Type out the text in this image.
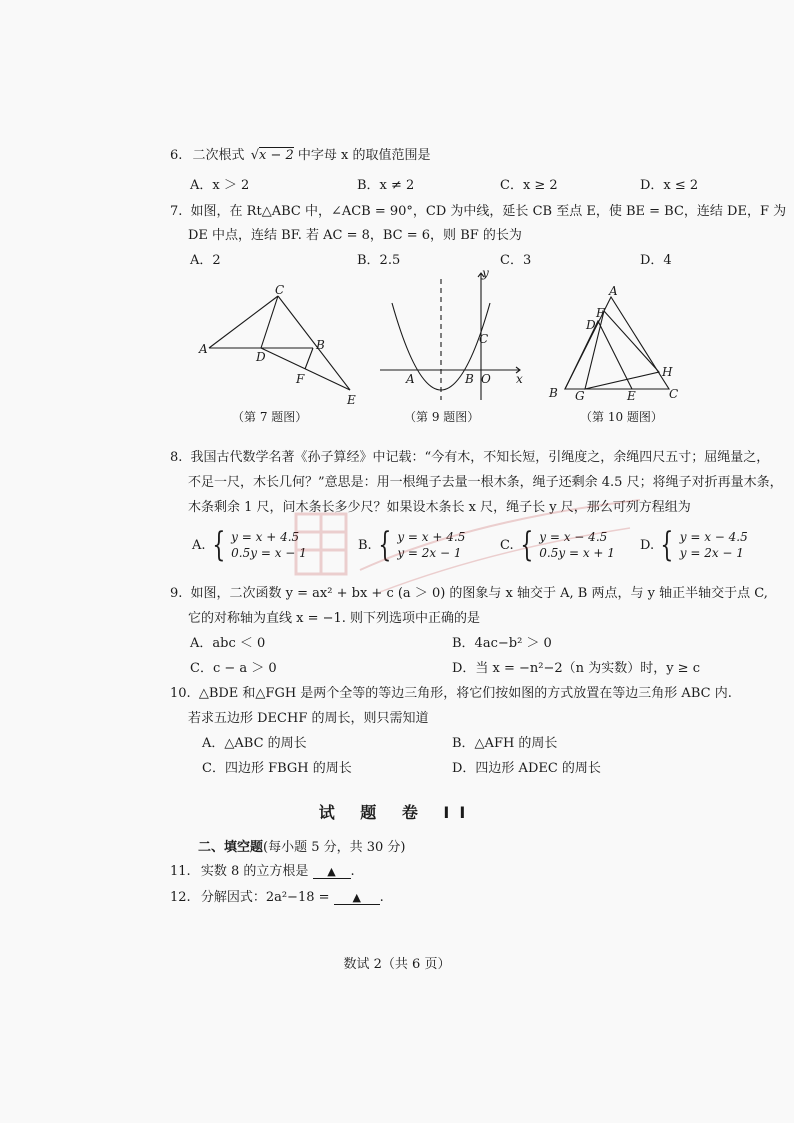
6. 二次根式 √x − 2 中字母 x 的取值范围是
A．x ＞ 2	B．x ≠ 2	C．x ≥ 2	D．x ≤ 2
7. 如图，在 Rt△ABC 中，∠ACB = 90°，CD 为中线，延长 CB 至点 E，使 BE = BC，连结 DE，F 为
DE 中点，连结 BF. 若 AC = 8，BC = 6，则 BF 的长为
A．2	B．2.5	C．3	D．4
A
C
B
D
F
E
（第 7 题图）
y
x
A	B O
C
（第 9 题图）
A
F
D
B G	E
H
C
（第 10 题图）
8. 我国古代数学名著《孙子算经》中记载：“今有木，不知长短，引绳度之，余绳四尺五寸；屈绳量之，
不足一尺，木长几何？”意思是：用一根绳子去量一根木条，绳子还剩余 4.5 尺；将绳子对折再量木条，
木条剩余 1 尺，问木条长多少尺？如果设木条长 x 尺，绳子长 y 尺，那么可列方程组为
A. { y = x + 4.5
0.5y = x − 1
B. { y = x + 4.5
y = 2x − 1
C. { y = x − 4.5
0.5y = x + 1
D. { y = x − 4.5
y = 2x − 1
9. 如图，二次函数 y = ax² + bx + c (a ＞ 0) 的图象与 x 轴交于 A, B 两点，与 y 轴正半轴交于点 C,
它的对称轴为直线 x = −1. 则下列选项中正确的是
A．abc ＜ 0	B．4ac−b² ＞ 0
C．c − a ＞ 0	D．当 x = −n²−2（n 为实数）时，y ≥ c
10. △BDE 和△FGH 是两个全等的等边三角形，将它们按如图的方式放置在等边三角形 ABC 内.
若求五边形 DECHF 的周长，则只需知道
A．△ABC 的周长	B．△AFH 的周长
C．四边形 FBGH 的周长	D．四边形 ADEC 的周长
试 题 卷 II
二、填空题(每小题 5 分，共 30 分)
11. 实数 8 的立方根是 ▲ .
12. 分解因式：2a²−18 = ▲ .
数试 2（共 6 页）
